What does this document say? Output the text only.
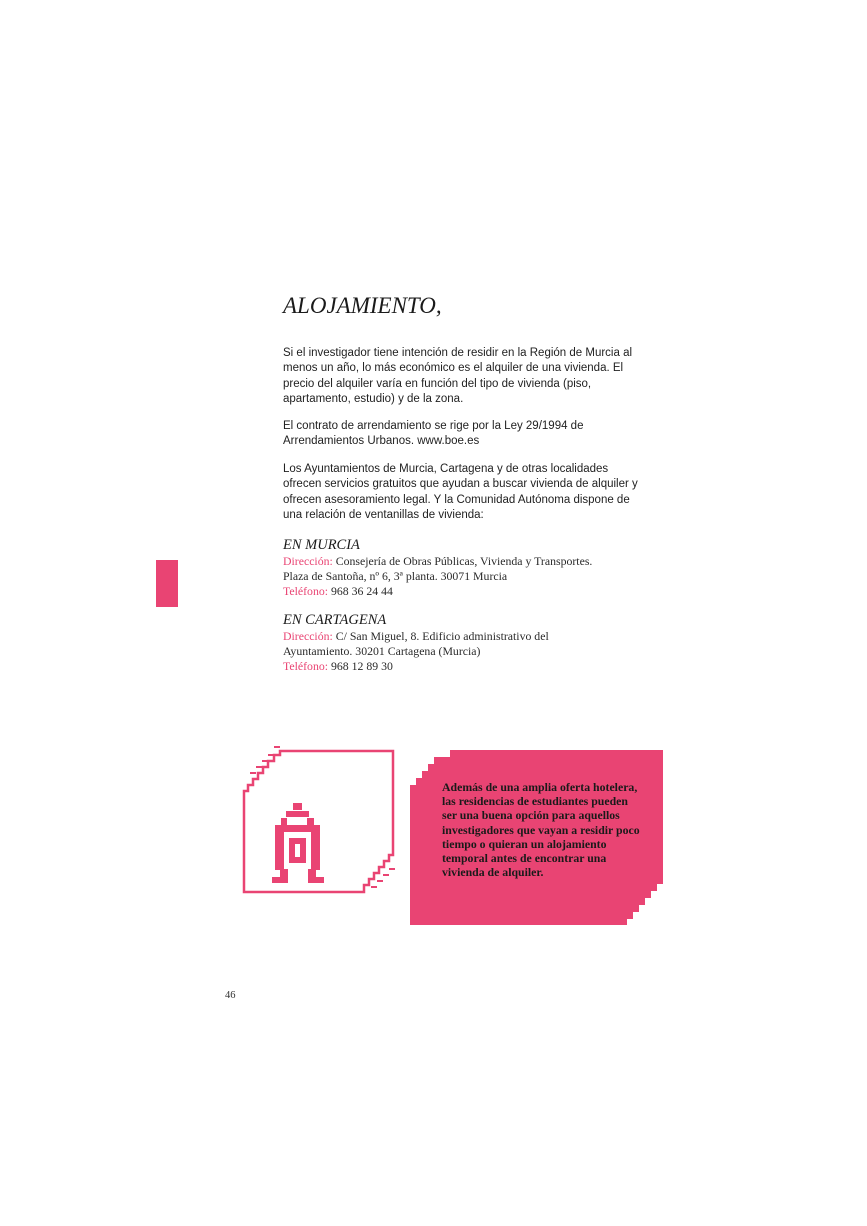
ALOJAMIENTO,

Si el investigador tiene intención de residir en la Región de Murcia al menos un año, lo más económico es el alquiler de una vivienda. El precio del alquiler varía en función del tipo de vivienda (piso, apartamento, estudio) y de la zona.

El contrato de arrendamiento se rige por la Ley 29/1994 de Arrendamientos Urbanos. www.boe.es

Los Ayuntamientos de Murcia, Cartagena y de otras localidades ofrecen servicios gratuitos que ayudan a buscar vivienda de alquiler y ofrecen asesoramiento legal. Y la Comunidad Autónoma dispone de una relación de ventanillas de vivienda:

EN MURCIA

Dirección: Consejería de Obras Públicas, Vivienda y Transportes.

Plaza de Santoña, nº 6, 3ª planta. 30071 Murcia

Teléfono: 968 36 24 44

EN CARTAGENA

Dirección: C/ San Miguel, 8. Edificio administrativo del

Ayuntamiento. 30201 Cartagena (Murcia)

Teléfono: 968 12 89 30

Además de una amplia oferta hotelera, las residencias de estudiantes pueden ser una buena opción para aquellos investigadores que vayan a residir poco tiempo o quieran un alojamiento temporal antes de encontrar una vivienda de alquiler.

46
